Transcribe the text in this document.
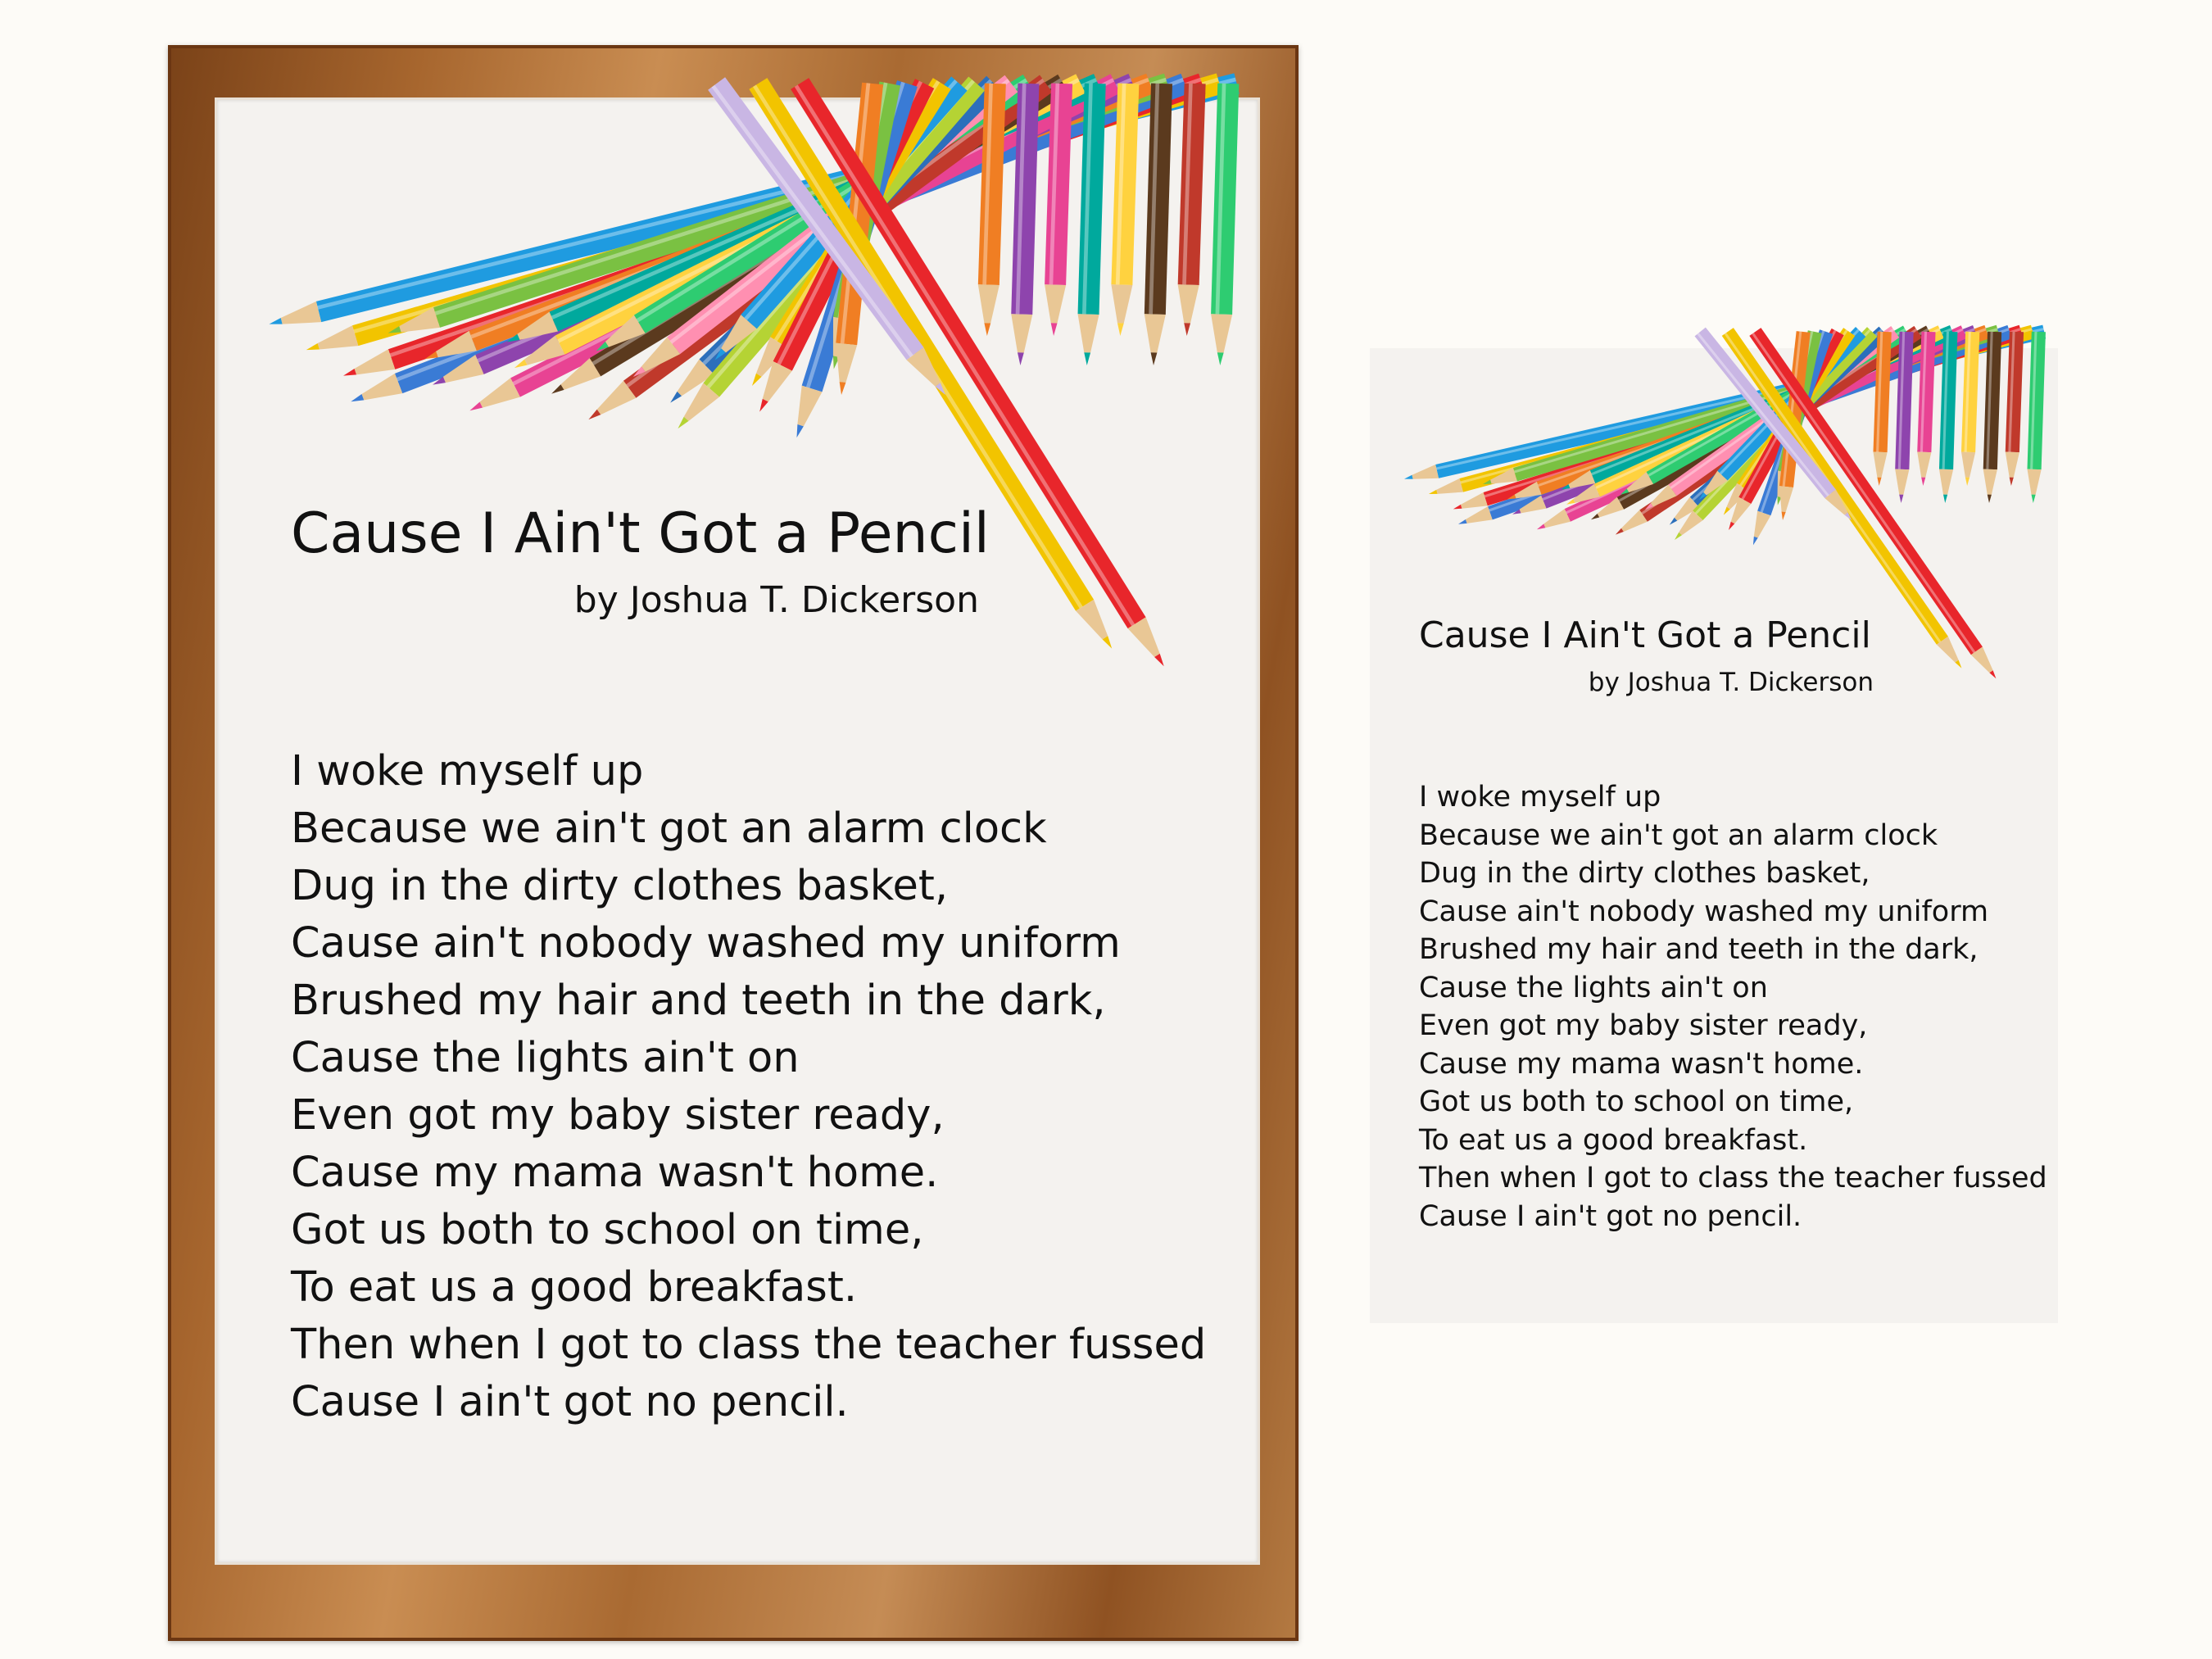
Cause I Ain't Got a Pencil
by Joshua T. Dickerson
I woke myself up
Because we ain't got an alarm clock
Dug in the dirty clothes basket,
Cause ain't nobody washed my uniform
Brushed my hair and teeth in the dark,
Cause the lights ain't on
Even got my baby sister ready,
Cause my mama wasn't home.
Got us both to school on time,
To eat us a good breakfast.
Then when I got to class the teacher fussed
Cause I ain't got no pencil.
Cause I Ain't Got a Pencil
by Joshua T. Dickerson
I woke myself up
Because we ain't got an alarm clock
Dug in the dirty clothes basket,
Cause ain't nobody washed my uniform
Brushed my hair and teeth in the dark,
Cause the lights ain't on
Even got my baby sister ready,
Cause my mama wasn't home.
Got us both to school on time,
To eat us a good breakfast.
Then when I got to class the teacher fussed
Cause I ain't got no pencil.
